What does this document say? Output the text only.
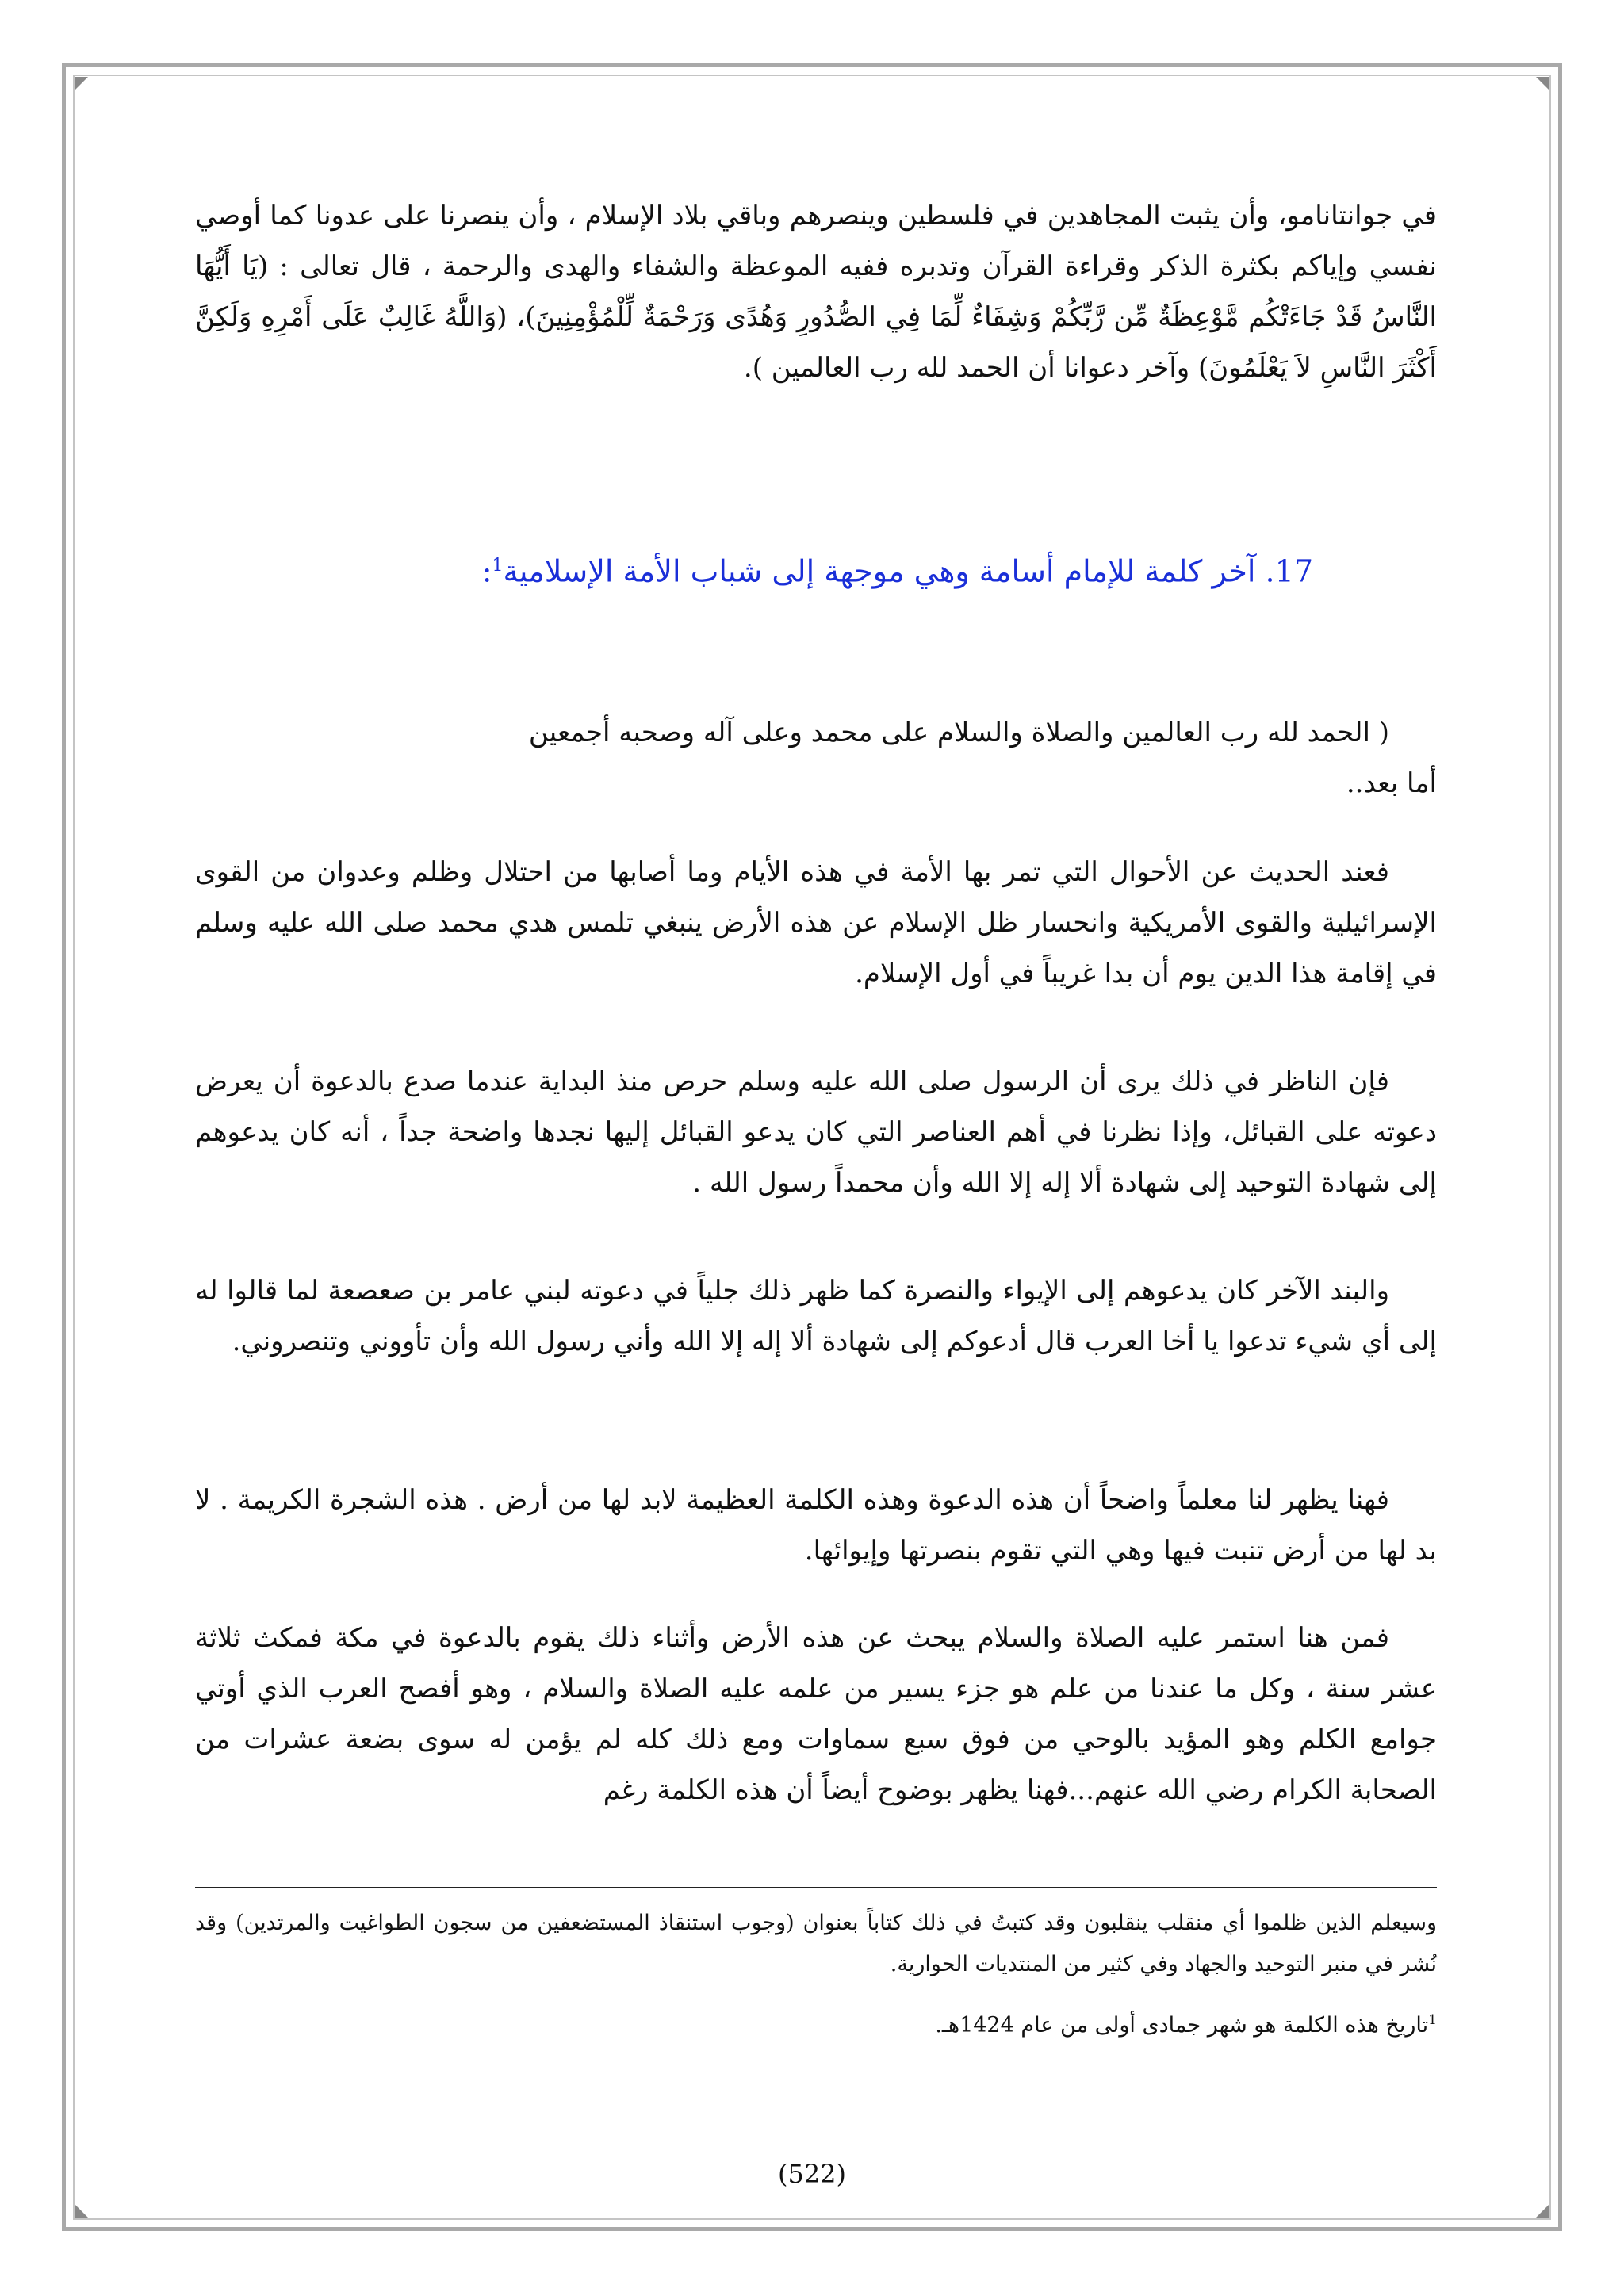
في جوانتانامو، وأن يثبت المجاهدين في فلسطين وينصرهم وباقي بلاد الإسلام ، وأن ينصرنا على عدونا كما أوصي نفسي وإياكم بكثرة الذكر وقراءة القرآن وتدبره ففيه الموعظة والشفاء والهدى والرحمة ، قال تعالى : (يَا أَيُّهَا النَّاسُ قَدْ جَاءَتْكُم مَّوْعِظَةٌ مِّن رَّبِّكُمْ وَشِفَاءٌ لِّمَا فِي الصُّدُورِ وَهُدًى وَرَحْمَةٌ لِّلْمُؤْمِنِينَ)، (وَاللَّهُ غَالِبٌ عَلَى أَمْرِهِ وَلَكِنَّ أَكْثَرَ النَّاسِ لاَ يَعْلَمُونَ) وآخر دعوانا أن الحمد لله رب العالمين ).

17. آخر كلمة للإمام أسامة وهي موجهة إلى شباب الأمة الإسلامية$^1$:

( الحمد لله رب العالمين والصلاة والسلام على محمد وعلى آله وصحبه أجمعين

أما بعد..

فعند الحديث عن الأحوال التي تمر بها الأمة في هذه الأيام وما أصابها من احتلال وظلم وعدوان من القوى الإسرائيلية والقوى الأمريكية وانحسار ظل الإسلام عن هذه الأرض ينبغي تلمس هدي محمد صلى الله عليه وسلم في إقامة هذا الدين يوم أن بدا غريباً في أول الإسلام.

فإن الناظر في ذلك يرى أن الرسول صلى الله عليه وسلم حرص منذ البداية عندما صدع بالدعوة أن يعرض دعوته على القبائل، وإذا نظرنا في أهم العناصر التي كان يدعو القبائل إليها نجدها واضحة جداً ، أنه كان يدعوهم إلى شهادة التوحيد إلى شهادة ألا إله إلا الله وأن محمداً رسول الله .

والبند الآخر كان يدعوهم إلى الإيواء والنصرة كما ظهر ذلك جلياً في دعوته لبني عامر بن صعصعة لما قالوا له إلى أي شيء تدعوا يا أخا العرب قال أدعوكم إلى شهادة ألا إله إلا الله وأني رسول الله وأن تأووني وتنصروني.

فهنا يظهر لنا معلماً واضحاً أن هذه الدعوة وهذه الكلمة العظيمة لابد لها من أرض . هذه الشجرة الكريمة . لا بد لها من أرض تنبت فيها وهي التي تقوم بنصرتها وإيوائها.

فمن هنا استمر عليه الصلاة والسلام يبحث عن هذه الأرض وأثناء ذلك يقوم بالدعوة في مكة فمكث ثلاثة عشر سنة ، وكل ما عندنا من علم هو جزء يسير من علمه عليه الصلاة والسلام ، وهو أفصح العرب الذي أوتي جوامع الكلم وهو المؤيد بالوحي من فوق سبع سماوات ومع ذلك كله لم يؤمن له سوى بضعة عشرات من الصحابة الكرام رضي الله عنهم...فهنا يظهر بوضوح أيضاً أن هذه الكلمة رغم

وسيعلم الذين ظلموا أي منقلب ينقلبون وقد كتبتُ في ذلك كتاباً بعنوان (وجوب استنقاذ المستضعفين من سجون الطواغيت والمرتدين) وقد نُشر في منبر التوحيد والجهاد وفي كثير من المنتديات الحوارية.

$^1$تاريخ هذه الكلمة هو شهر جمادى أولى من عام 1424هـ.

(522)
